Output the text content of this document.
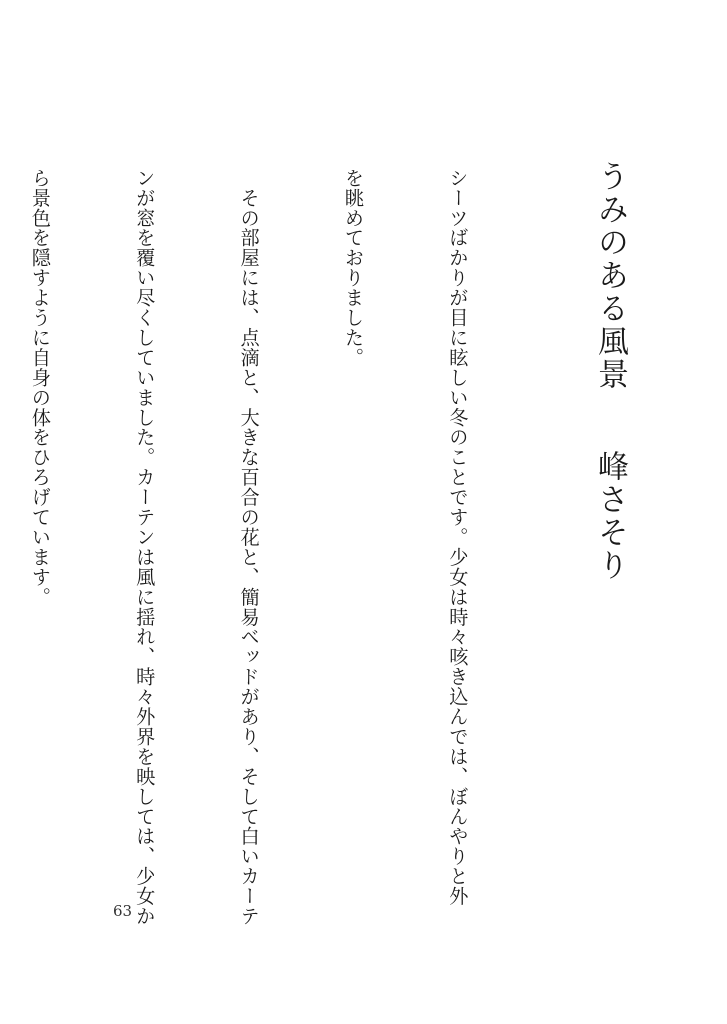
うみのある風景
峰さそり

シーツばかりが目に眩しい冬のことです。少女は時々咳き込んでは、ぼんやりと外

を眺めておりました。

　その部屋には、点滴と、大きな百合の花と、簡易ベッドがあり、そして白いカーテ

ンが窓を覆い尽くしていました。カーテンは風に揺れ、時々外界を映しては、少女か

ら景色を隠すように自身の体をひろげています。

63
